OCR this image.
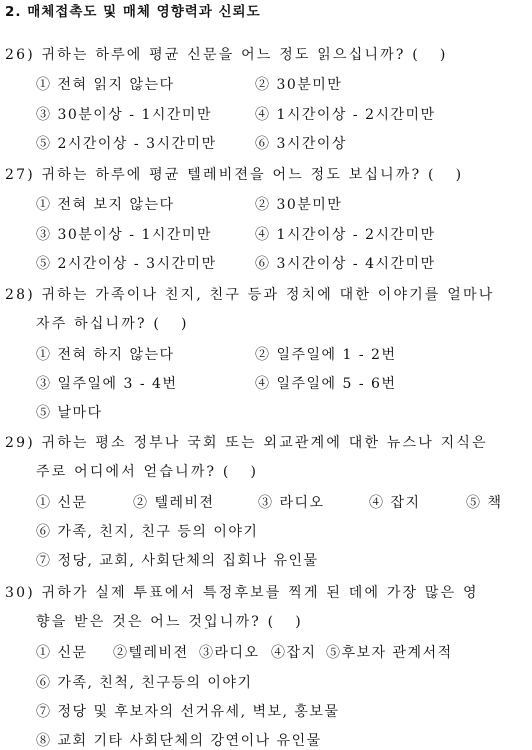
2. 매체접촉도 및 매체 영향력과 신뢰도
26) 귀하는 하루에 평균 신문을 어느 정도 읽으십니까? (   )
① 전혀 읽지 않는다	② 30분미만
③ 30분이상 - 1시간미만	④ 1시간이상 - 2시간미만
⑤ 2시간이상 - 3시간미만	⑥ 3시간이상
27) 귀하는 하루에 평균 텔레비젼을 어느 정도 보십니까? (   )
① 전혀 보지 않는다	② 30분미만
③ 30분이상 - 1시간미만	④ 1시간이상 - 2시간미만
⑤ 2시간이상 - 3시간미만	⑥ 3시간이상 - 4시간미만
28) 귀하는 가족이나 친지, 친구 등과 정치에 대한 이야기를 얼마나
자주 하십니까? (   )
① 전혀 하지 않는다	② 일주일에 1 - 2번
③ 일주일에 3 - 4번	④ 일주일에 5 - 6번
⑤ 날마다
29) 귀하는 평소 정부나 국회 또는 외교관계에 대한 뉴스나 지식은
주로 어디에서 얻습니까? (   )
① 신문	② 텔레비젼	③ 라디오	④ 잡지	⑤ 책
⑥ 가족, 친지, 친구 등의 이야기
⑦ 정당, 교회, 사회단체의 집회나 유인물
30) 귀하가 실제 투표에서 특정후보를 찍게 된 데에 가장 많은 영
향을 받은 것은 어느 것입니까? (   )
˘
① 신문 ②텔레비젼 ③라디오 ④잡지 ⑤후보자 관계서적
⑥ 가족, 친척, 친구등의 이야기
⑦ 정당 및 후보자의 선거유세, 벽보, 홍보물
⑧ 교회 기타 사회단체의 강연이나 유인물
